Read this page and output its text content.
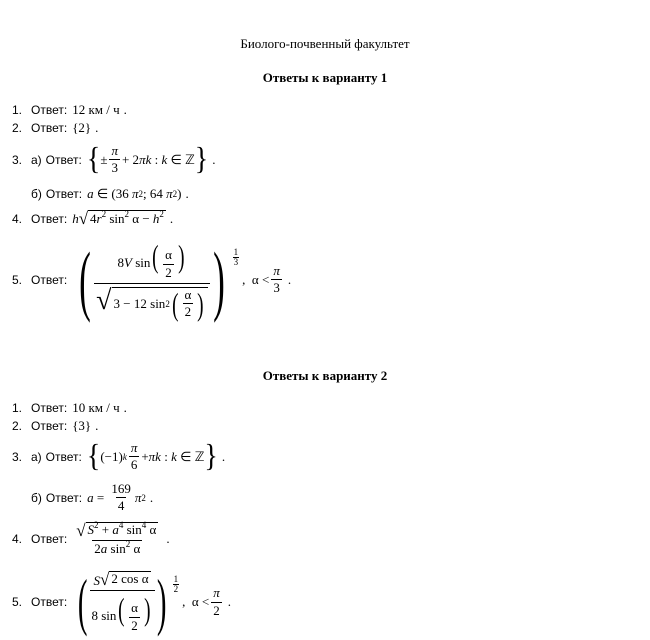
Биолого-почвенный факультет
Ответы к варианту 1
1. Ответ: 12 км / ч .
2. Ответ: {2} .
3. а) Ответ: { ± $\frac{\pi}{3} + 2$ πk : k ∈ ℤ } .
б) Ответ: a ∈ (36 π 2 ; 64 π 2 ) .
4. Ответ: h √ $4r^2$ $\sin^2 \alpha - h^2$ .
5. Ответ: ( $\frac{8V \sin( \frac{\alpha}{2} )}{√ 3 - 12 \sin 2 ( \frac{\alpha}{2} )}$ ) 1
3
, $\alpha < \frac{\pi}{3}$ .
Ответы к варианту 2
1. Ответ: 10 км / ч .
2. Ответ: {3} .
3. а) Ответ: { (−1) k $\frac{\pi}{6} + \pi k$ : k ∈ ℤ } .
б) Ответ: $a = \frac{169}{4}$ π 2 .
4. Ответ: $\frac{√ S^2 + a^4 \sin^4 \alpha}{2a \sin^2 \alpha}$ .
5. Ответ: ( $\frac{\text{S √ 2 cos α}}{8 \sin( \frac{\alpha}{2} )}$ ) 1
2
, $\alpha < \frac{\pi}{2}$ .
